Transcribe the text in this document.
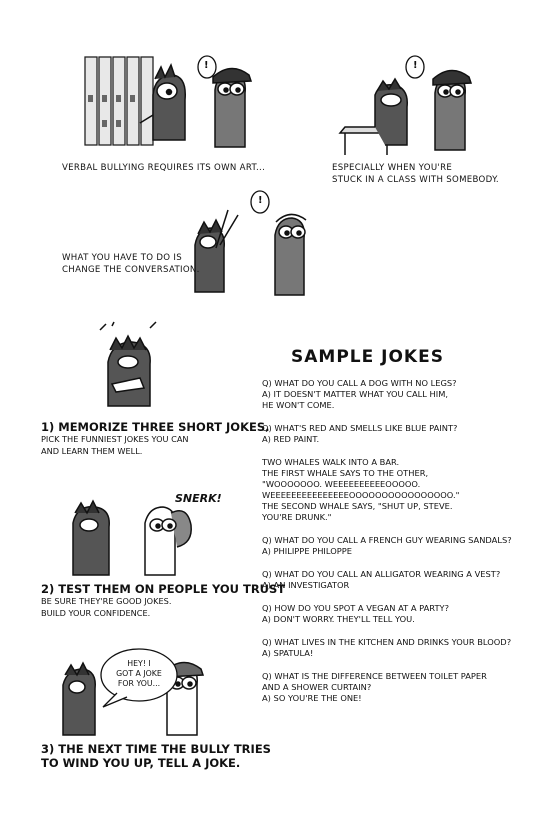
!
VERBAL BULLYING REQUIRES ITS OWN ART...
!
ESPECIALLY WHEN YOU'RE
STUCK IN A CLASS WITH SOMEBODY.
!
WHAT YOU HAVE TO DO IS
CHANGE THE CONVERSATION.
1) MEMORIZE THREE SHORT JOKES.
PICK THE FUNNIEST JOKES YOU CAN
AND LEARN THEM WELL.
SNERK!
2) TEST THEM ON PEOPLE YOU TRUST
BE SURE THEY'RE GOOD JOKES.
BUILD YOUR CONFIDENCE.
HEY! I
GOT A JOKE
FOR YOU...
3) THE NEXT TIME THE BULLY TRIES
TO WIND YOU UP, TELL A JOKE.
SAMPLE JOKES
Q) WHAT DO YOU CALL A DOG WITH NO LEGS?
A) IT DOESN'T MATTER WHAT YOU CALL HIM,
HE WON'T COME.
Q) WHAT'S RED AND SMELLS LIKE BLUE PAINT?
A) RED PAINT.
TWO WHALES WALK INTO A BAR.
THE FIRST WHALE SAYS TO THE OTHER,
"WOOOOOOO. WEEEEEEEEEEOOOOO.
WEEEEEEEEEEEEEEEOOOOOOOOOOOOOOOO."
THE SECOND WHALE SAYS, "SHUT UP, STEVE.
YOU'RE DRUNK."
Q) WHAT DO YOU CALL A FRENCH GUY WEARING SANDALS?
A) PHILIPPE PHILOPPE
Q) WHAT DO YOU CALL AN ALLIGATOR WEARING A VEST?
A) AN INVESTIGATOR
Q) HOW DO YOU SPOT A VEGAN AT A PARTY?
A) DON'T WORRY. THEY'LL TELL YOU.
Q) WHAT LIVES IN THE KITCHEN AND DRINKS YOUR BLOOD?
A) SPATULA!
Q) WHAT IS THE DIFFERENCE BETWEEN TOILET PAPER
AND A SHOWER CURTAIN?
A) SO YOU'RE THE ONE!
